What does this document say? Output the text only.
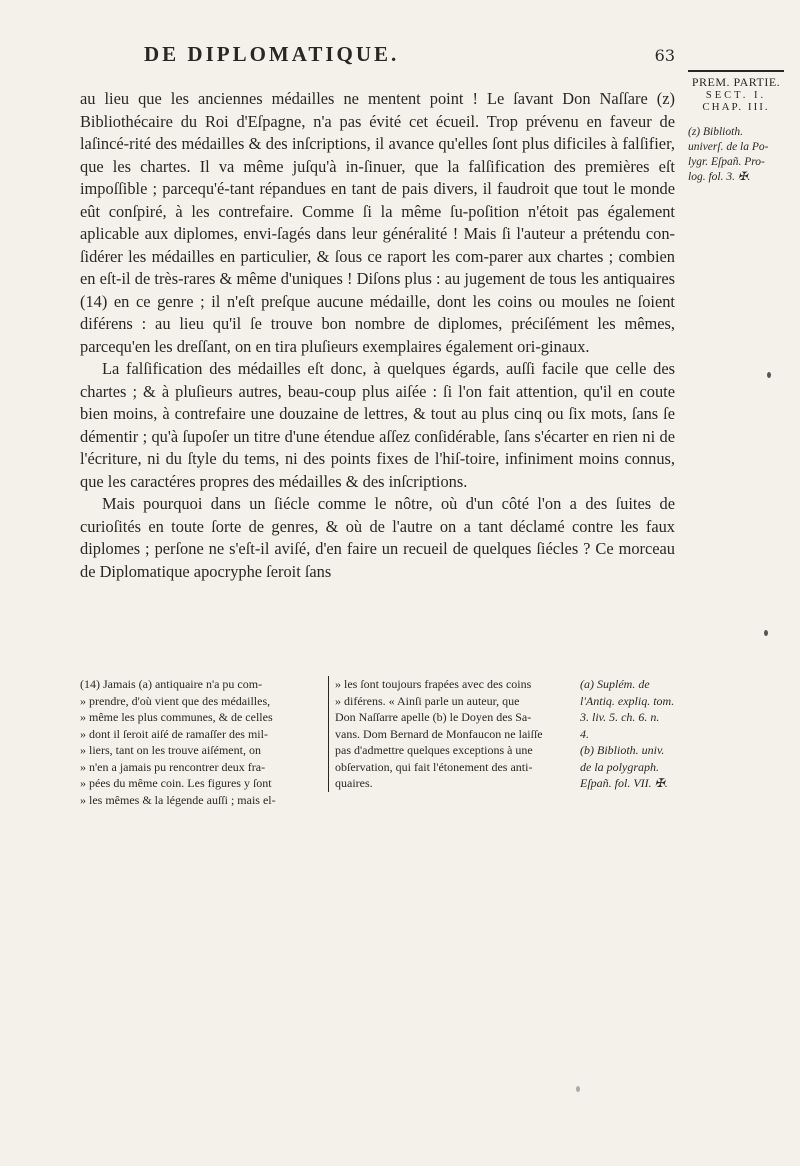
DE DIPLOMATIQUE.	63

au lieu que les anciennes médailles ne mentent point ! Le ſavant Don Naſſare (z) Bibliothécaire du Roi d'Eſpagne, n'a pas évité cet écueil. Trop prévenu en faveur de laſincé-rité des médailles & des inſcriptions, il avance qu'elles ſont plus dificiles à falſifier, que les chartes. Il va même juſqu'à in-ſinuer, que la falſification des premières eſt impoſſible ; parcequ'é-tant répandues en tant de pais divers, il faudroit que tout le monde eût conſpiré, à les contrefaire. Comme ſi la même ſu-poſition n'étoit pas également aplicable aux diplomes, envi-ſagés dans leur généralité ! Mais ſi l'auteur a prétendu con-ſidérer les médailles en particulier, & ſous ce raport les com-parer aux chartes ; combien en eſt-il de très-rares & même d'uniques ! Diſons plus : au jugement de tous les antiquaires (14) en ce genre ; il n'eſt preſque aucune médaille, dont les coins ou moules ne ſoient diférens : au lieu qu'il ſe trouve bon nombre de diplomes, préciſément les mêmes, parcequ'en les dreſſant, on en tira pluſieurs exemplaires également ori-ginaux.

La falſification des médailles eſt donc, à quelques égards, auſſi facile que celle des chartes ; & à pluſieurs autres, beau-coup plus aiſée : ſi l'on fait attention, qu'il en coute bien moins, à contrefaire une douzaine de lettres, & tout au plus cinq ou ſix mots, ſans ſe démentir ; qu'à ſupoſer un titre d'une étendue aſſez conſidérable, ſans s'écarter en rien ni de l'écriture, ni du ſtyle du tems, ni des points fixes de l'hiſ-toire, infiniment moins connus, que les caractéres propres des médailles & des inſcriptions.

Mais pourquoi dans un ſiécle comme le nôtre, où d'un côté l'on a des ſuites de curioſités en toute ſorte de genres, & où de l'autre on a tant déclamé contre les faux diplomes ; perſone ne s'eſt-il aviſé, d'en faire un recueil de quelques ſiécles ? Ce morceau de Diplomatique apocryphe ſeroit ſans

PREM. PARTIE.
SECT. I.
CHAP. III.
(z) Biblioth.
univerſ. de la Po-
lygr. Eſpañ. Pro-
log. fol. 3. ✠.
(14) Jamais (a) antiquaire n'a pu com-
» prendre, d'où vient que des médailles,
» même les plus communes, & de celles
» dont il ſeroit aiſé de ramaſſer des mil-
» liers, tant on les trouve aiſément, on
» n'en a jamais pu rencontrer deux fra-
» pées du même coin. Les figures y ſont
» les mêmes & la légende auſſi ; mais el-
» les ſont toujours frapées avec des coins
» diférens. « Ainſi parle un auteur, que
Don Naſſarre apelle (b) le Doyen des Sa-
vans. Dom Bernard de Monfaucon ne laiſſe
pas d'admettre quelques exceptions à une
obſervation, qui fait l'étonement des anti-
quaires.
(a) Suplém. de
l'Antiq. expliq. tom.
3. liv. 5. ch. 6. n.
4.
(b) Biblioth. univ.
de la polygraph.
Eſpañ. fol. VII. ✠.
